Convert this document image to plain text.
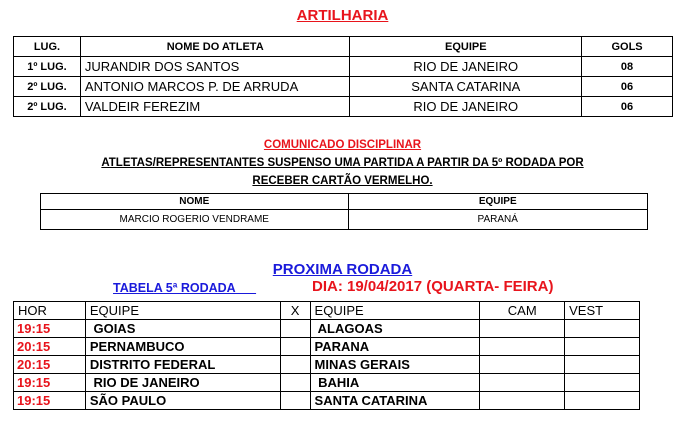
ARTILHARIA
LUG.	NOME DO ATLETA	EQUIPE	GOLS
1º LUG.	JURANDIR DOS SANTOS	RIO DE JANEIRO	08
2º LUG.	ANTONIO MARCOS P. DE ARRUDA	SANTA CATARINA	06
2º LUG.	VALDEIR FEREZIM	RIO DE JANEIRO	06
COMUNICADO DISCIPLINAR
ATLETAS/REPRESENTANTES SUSPENSO UMA PARTIDA A PARTIR DA 5º RODADA POR
RECEBER CARTÃO VERMELHO.
NOME	EQUIPE
MARCIO ROGERIO VENDRAME	PARANÁ
PROXIMA RODADA
TABELA 5ª RODADA	DIA: 19/04/2017 (QUARTA- FEIRA)
HOR	EQUIPE	X	EQUIPE	CAM	VEST
19:15	GOIAS		ALAGOAS		
20:15	PERNAMBUCO		PARANA		
20:15	DISTRITO FEDERAL		MINAS GERAIS		
19:15	RIO DE JANEIRO		BAHIA		
19:15	SÃO PAULO		SANTA CATARINA		
